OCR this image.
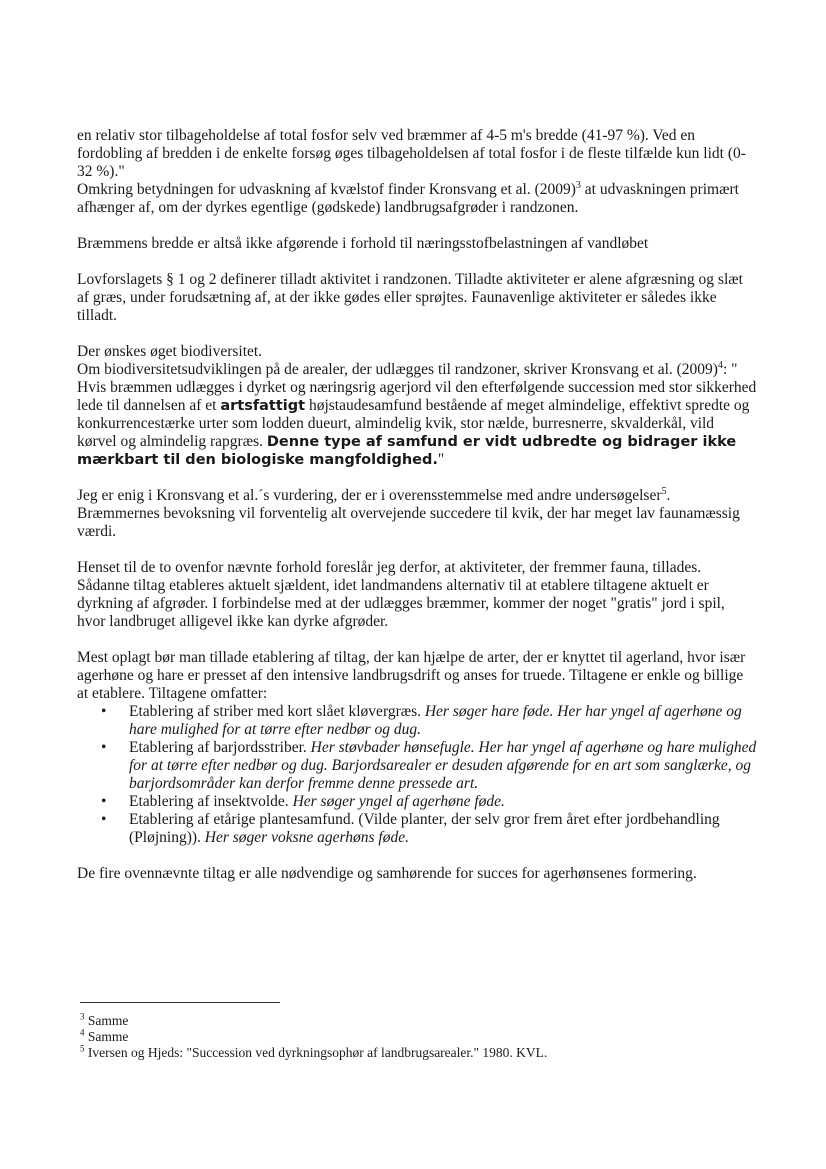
en relativ stor tilbageholdelse af total fosfor selv ved bræmmer af 4-5 m's bredde (41-97 %). Ved en fordobling af bredden i de enkelte forsøg øges tilbageholdelsen af total fosfor i de fleste tilfælde kun lidt (0-32 %)."

Omkring betydningen for udvaskning af kvælstof finder Kronsvang et al. $(2009)^3$ at udvaskningen primært afhænger af, om der dyrkes egentlige (gødskede) landbrugsafgrøder i randzonen.

Bræmmens bredde er altså ikke afgørende i forhold til næringsstofbelastningen af vandløbet

Lovforslagets § 1 og 2 definerer tilladt aktivitet i randzonen. Tilladte aktiviteter er alene afgræsning og slæt af græs, under forudsætning af, at der ikke gødes eller sprøjtes. Faunavenlige aktiviteter er således ikke tilladt.

Der ønskes øget biodiversitet.

Om biodiversitetsudviklingen på de arealer, der udlægges til randzoner, skriver Kronsvang et al. $(2009)^4$: " Hvis bræmmen udlægges i dyrket og næringsrig agerjord vil den efterfølgende succession med stor sikkerhed lede til dannelsen af et artsfattigt højstaudesamfund bestående af meget almindelige, effektivt spredte og konkurrencestærke urter som lodden dueurt, almindelig kvik, stor nælde, burresnerre, skvalderkål, vild kørvel og almindelig rapgræs. Denne type af samfund er vidt udbredte og bidrager ikke mærkbart til den biologiske mangfoldighed."

Jeg er enig i Kronsvang et al.´s vurdering, der er i overensstemmelse med andre undersøgelser$^5$.

Bræmmernes bevoksning vil forventelig alt overvejende succedere til kvik, der har meget lav faunamæssig værdi.

Henset til de to ovenfor nævnte forhold foreslår jeg derfor, at aktiviteter, der fremmer fauna, tillades.

Sådanne tiltag etableres aktuelt sjældent, idet landmandens alternativ til at etablere tiltagene aktuelt er dyrkning af afgrøder. I forbindelse med at der udlægges bræmmer, kommer der noget "gratis" jord i spil, hvor landbruget alligevel ikke kan dyrke afgrøder.

Mest oplagt bør man tillade etablering af tiltag, der kan hjælpe de arter, der er knyttet til agerland, hvor især agerhøne og hare er presset af den intensive landbrugsdrift og anses for truede. Tiltagene er enkle og billige at etablere. Tiltagene omfatter:

• Etablering af striber med kort slået kløvergræs. Her søger hare føde. Her har yngel af agerhøne og hare mulighed for at tørre efter nedbør og dug.
• Etablering af barjordsstriber. Her støvbader hønsefugle. Her har yngel af agerhøne og hare mulighed for at tørre efter nedbør og dug. Barjordsarealer er desuden afgørende for en art som sanglærke, og barjordsområder kan derfor fremme denne pressede art.
• Etablering af insektvolde. Her søger yngel af agerhøne føde.
• Etablering af etårige plantesamfund. (Vilde planter, der selv gror frem året efter jordbehandling (Pløjning)). Her søger voksne agerhøns føde.

De fire ovennævnte tiltag er alle nødvendige og samhørende for succes for agerhønsenes formering.

$^3$ Samme
$^4$ Samme
$^5$ Iversen og Hjeds: "Succession ved dyrkningsophør af landbrugsarealer." 1980. KVL.
